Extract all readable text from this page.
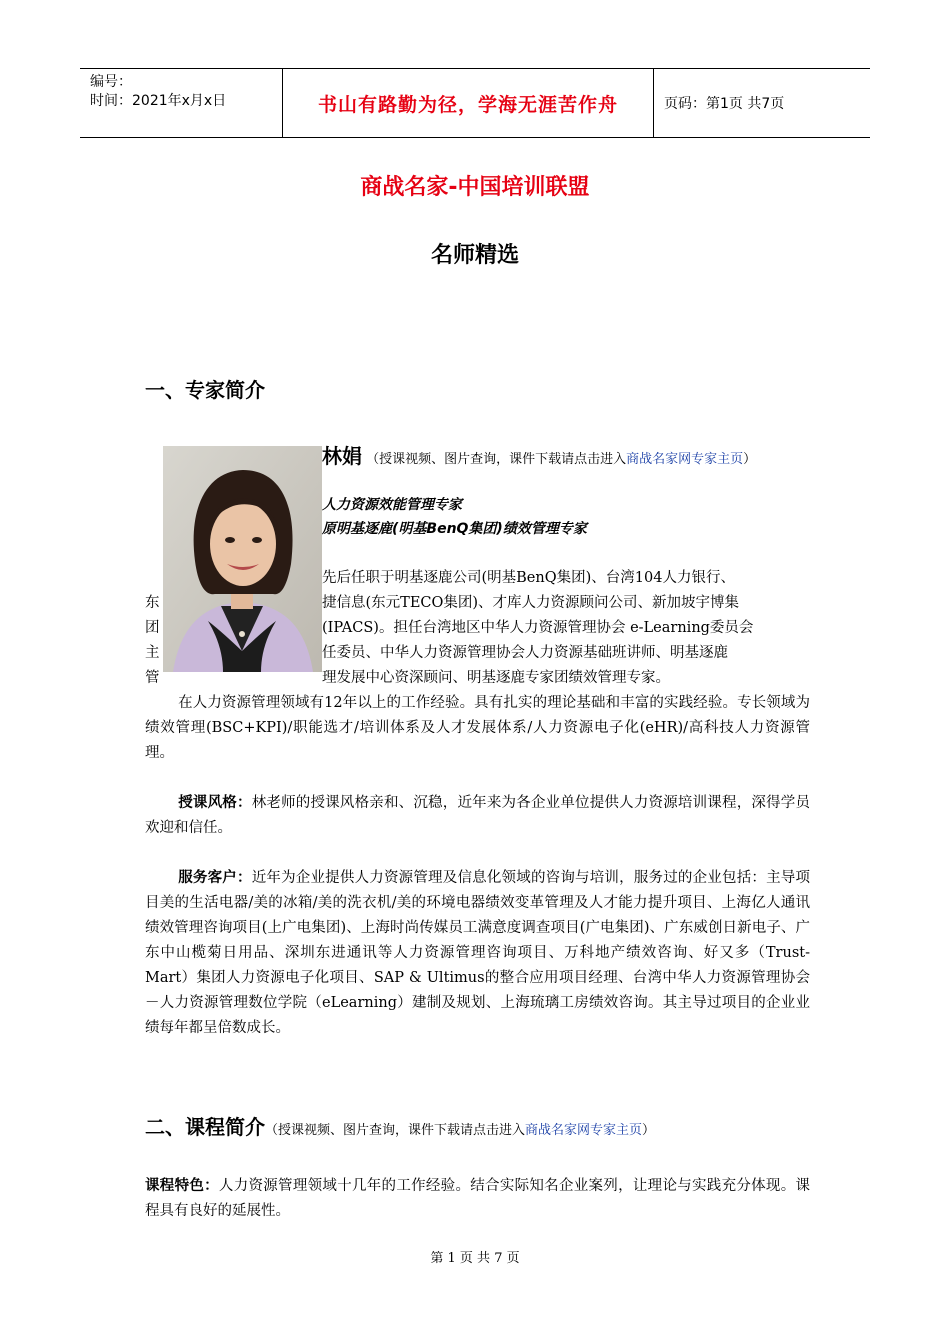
编号：
时间：2021年x月x日	书山有路勤为径，学海无涯苦作舟	页码：第1页 共7页
商战名家-中国培训联盟
名师精选
一、专家简介
林娟 （授课视频、图片查询，课件下载请点击进入商战名家网专家主页）
人力资源效能管理专家
原明基逐鹿(明基BenQ集团)绩效管理专家
先后任职于明基逐鹿公司(明基BenQ集团)、台湾104人力银行、
捷信息(东元TECO集团)、才库人力资源顾问公司、新加坡宇博集
(IPACS)。担任台湾地区中华人力资源管理协会 e-Learning委员会
任委员、中华人力资源管理协会人力资源基础班讲师、明基逐鹿
理发展中心资深顾问、明基逐鹿专家团绩效管理专家。
东
团
主
管
在人力资源管理领域有12年以上的工作经验。具有扎实的理论基础和丰富的实践经验。专长领域为绩效管理(BSC+KPI)/职能选才/培训体系及人才发展体系/人力资源电子化(eHR)/高科技人力资源管理。
授课风格：林老师的授课风格亲和、沉稳，近年来为各企业单位提供人力资源培训课程，深得学员欢迎和信任。
服务客户：近年为企业提供人力资源管理及信息化领域的咨询与培训，服务过的企业包括：主导项目美的生活电器/美的冰箱/美的洗衣机/美的环境电器绩效变革管理及人才能力提升项目、上海亿人通讯绩效管理咨询项目(上广电集团)、上海时尚传媒员工满意度调查项目(广电集团)、广东威创日新电子、广东中山榄菊日用品、深圳东进通讯等人力资源管理咨询项目、万科地产绩效咨询、好又多（Trust-Mart）集团人力资源电子化项目、SAP & Ultimus的整合应用项目经理、台湾中华人力资源管理协会－人力资源管理数位学院（eLearning）建制及规划、上海琉璃工房绩效咨询。其主导过项目的企业业绩每年都呈倍数成长。
二、课程简介（授课视频、图片查询，课件下载请点击进入商战名家网专家主页）
课程特色：人力资源管理领域十几年的工作经验。结合实际知名企业案列，让理论与实践充分体现。课程具有良好的延展性。
第 1 页 共 7 页
